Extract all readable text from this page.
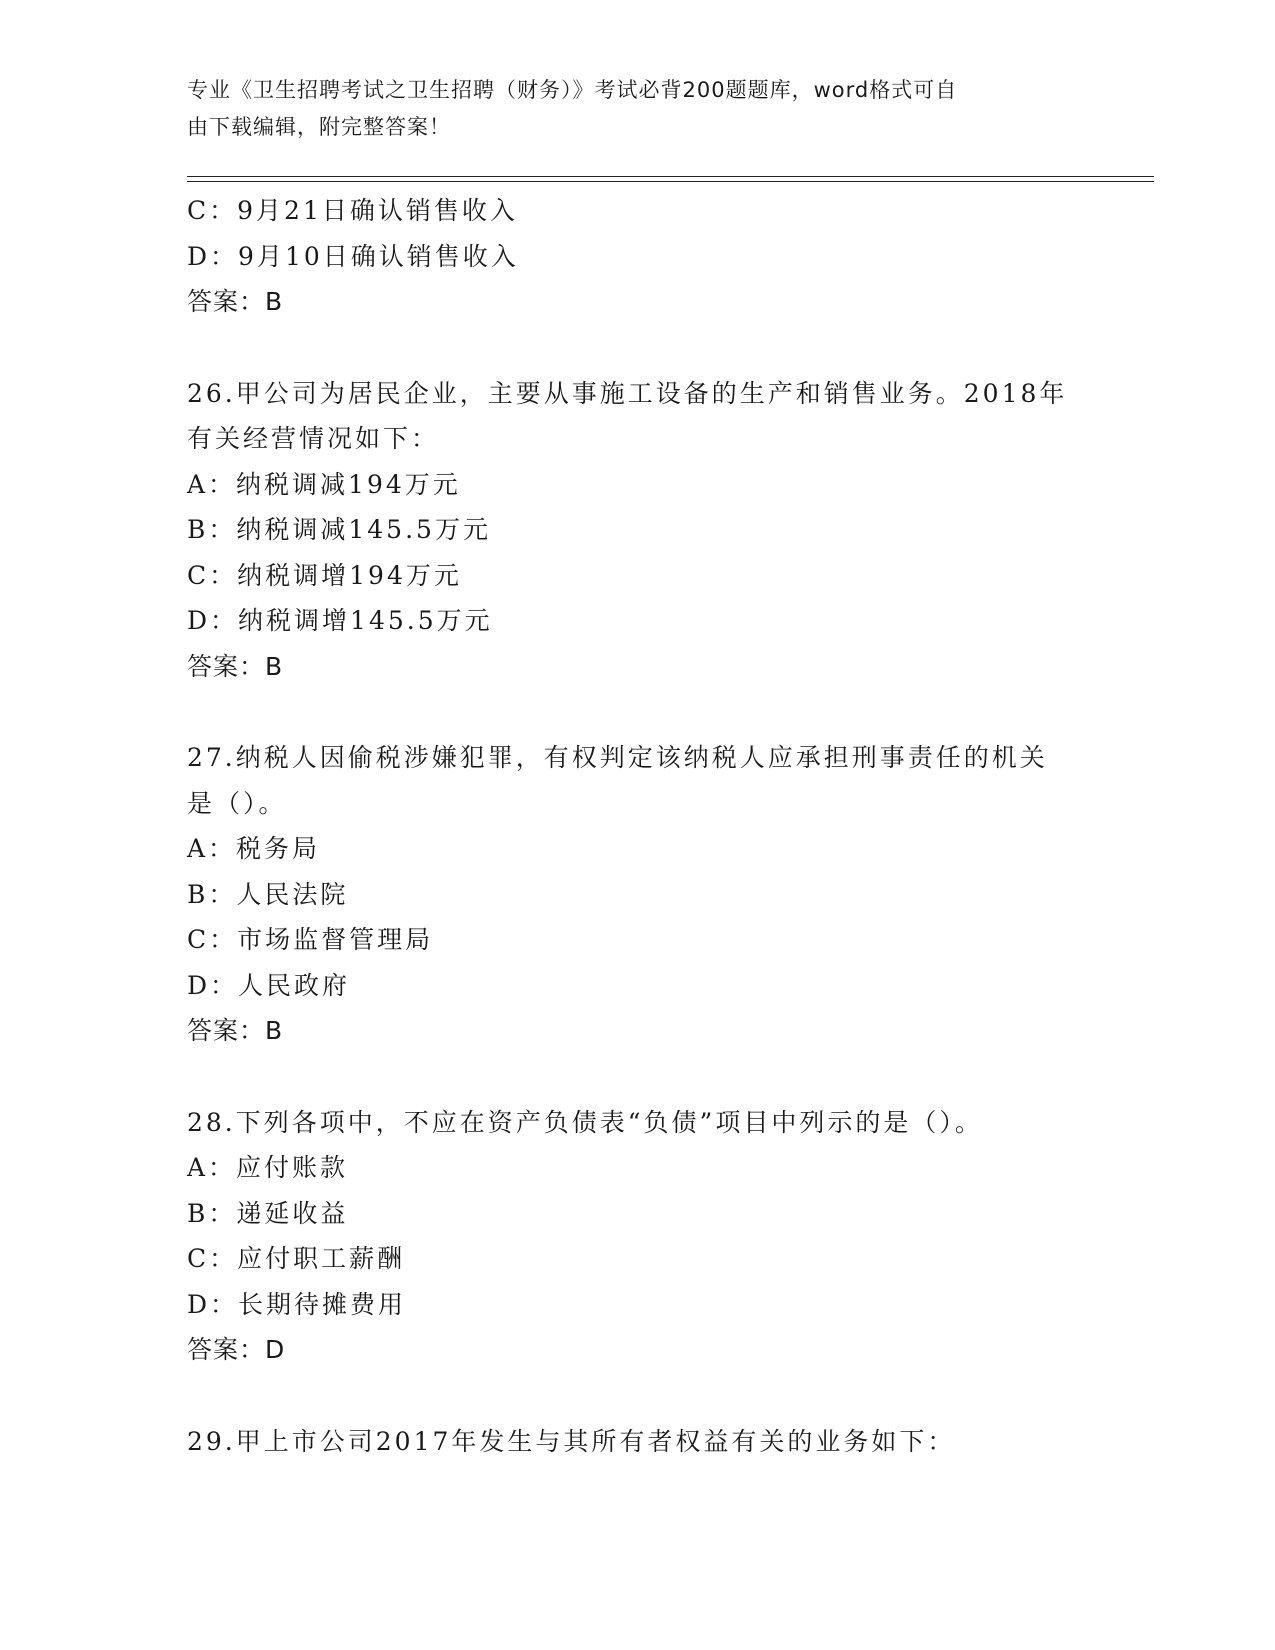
专业《卫生招聘考试之卫生招聘（财务）》考试必背200题题库，word格式可自
由下载编辑，附完整答案！
C：9月21日确认销售收入
D：9月10日确认销售收入
答案：B
26.甲公司为居民企业，主要从事施工设备的生产和销售业务。2018年
有关经营情况如下：
A：纳税调减194万元
B：纳税调减145.5万元
C：纳税调增194万元
D：纳税调增145.5万元
答案：B
27.纳税人因偷税涉嫌犯罪，有权判定该纳税人应承担刑事责任的机关
是（）。
A：税务局
B：人民法院
C：市场监督管理局
D：人民政府
答案：B
28.下列各项中，不应在资产负债表“负债”项目中列示的是（）。
A：应付账款
B：递延收益
C：应付职工薪酬
D：长期待摊费用
答案：D
29.甲上市公司2017年发生与其所有者权益有关的业务如下：
